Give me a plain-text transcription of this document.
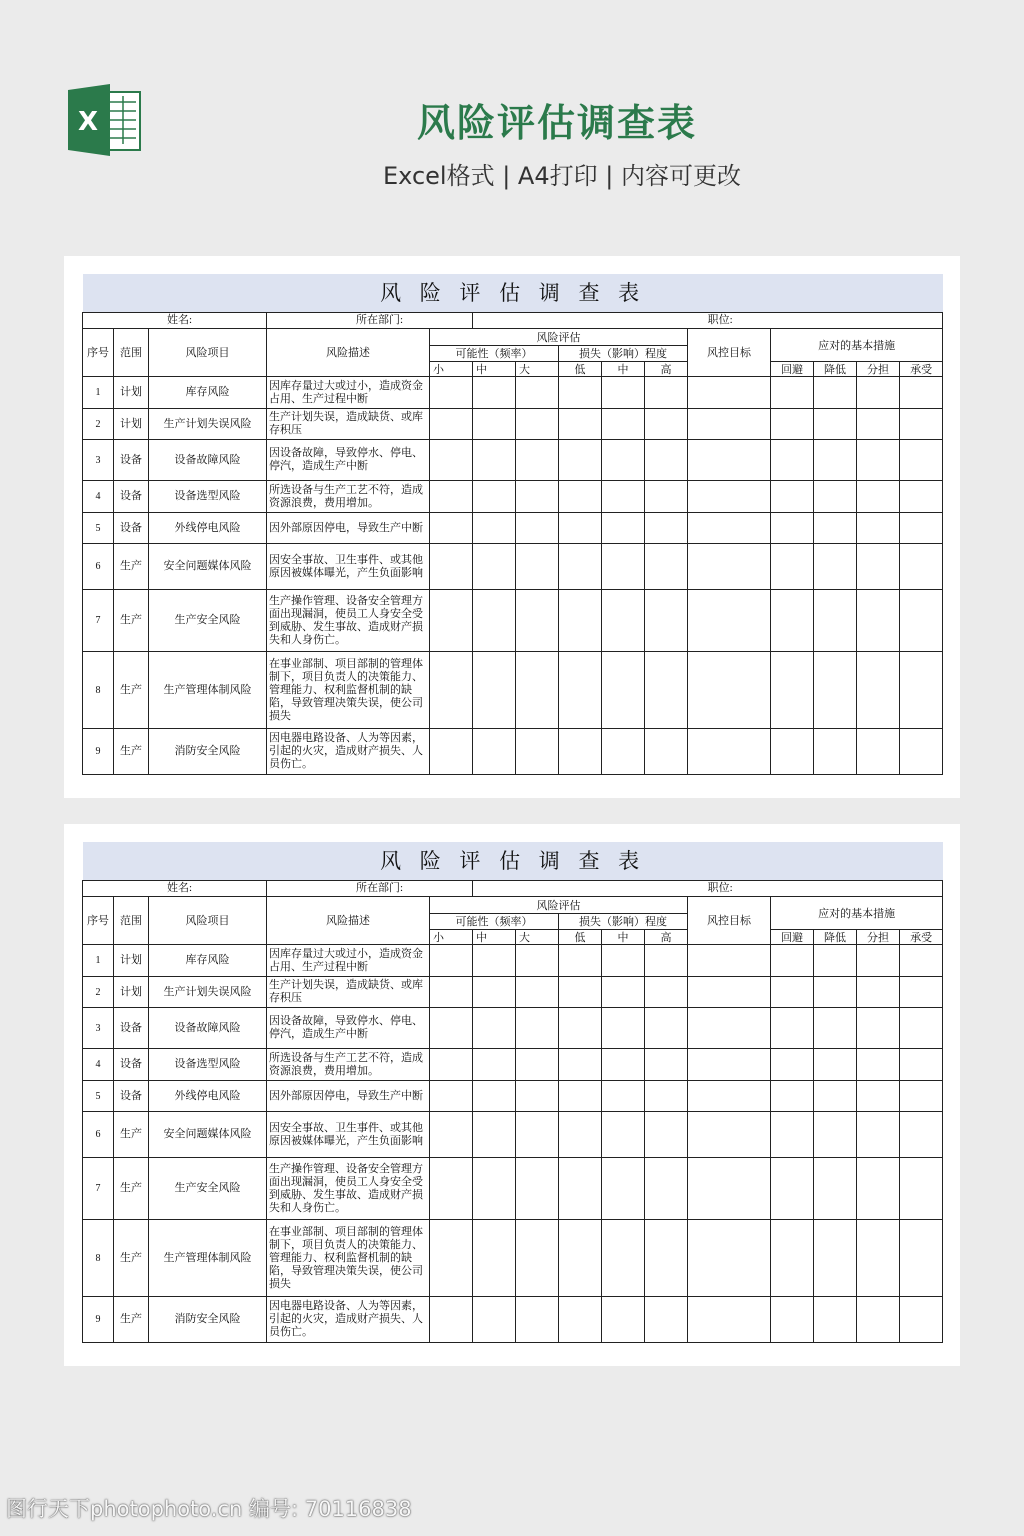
X	风险评估调查表
Excel格式 | A4打印 | 内容可更改
风 险 评 估 调 查 表														
姓名:			所在部门:		职位:									
序号	范围	风险项目	风险描述	风险评估						风控目标	应对的基本措施			
				可能性（频率）			损失（影响）程度							
				小	中	大	低	中	高		回避	降低	分担	承受
1	计划	库存风险	因库存量过大或过小，造成资金占用、生产过程中断											
2	计划	生产计划失误风险	生产计划失误，造成缺货、或库存积压											
3	设备	设备故障风险	因设备故障，导致停水、停电、停汽，造成生产中断											
4	设备	设备选型风险	所选设备与生产工艺不符，造成资源浪费，费用增加。											
5	设备	外线停电风险	因外部原因停电，导致生产中断											
6	生产	安全问题媒体风险	因安全事故、卫生事件、或其他原因被媒体曝光，产生负面影响											
7	生产	生产安全风险	生产操作管理、设备安全管理方面出现漏洞，使员工人身安全受到威胁、发生事故、造成财产损失和人身伤亡。											
8	生产	生产管理体制风险	在事业部制、项目部制的管理体制下，项目负责人的决策能力、管理能力、权利监督机制的缺陷，导致管理决策失误，使公司损失											
9	生产	消防安全风险	因电器电路设备、人为等因素，引起的火灾，造成财产损失、人员伤亡。											
风 险 评 估 调 查 表														
姓名:			所在部门:		职位:									
序号	范围	风险项目	风险描述	风险评估						风控目标	应对的基本措施			
				可能性（频率）			损失（影响）程度							
				小	中	大	低	中	高		回避	降低	分担	承受
1	计划	库存风险	因库存量过大或过小，造成资金占用、生产过程中断											
2	计划	生产计划失误风险	生产计划失误，造成缺货、或库存积压											
3	设备	设备故障风险	因设备故障，导致停水、停电、停汽，造成生产中断											
4	设备	设备选型风险	所选设备与生产工艺不符，造成资源浪费，费用增加。											
5	设备	外线停电风险	因外部原因停电，导致生产中断											
6	生产	安全问题媒体风险	因安全事故、卫生事件、或其他原因被媒体曝光，产生负面影响											
7	生产	生产安全风险	生产操作管理、设备安全管理方面出现漏洞，使员工人身安全受到威胁、发生事故、造成财产损失和人身伤亡。											
8	生产	生产管理体制风险	在事业部制、项目部制的管理体制下，项目负责人的决策能力、管理能力、权利监督机制的缺陷，导致管理决策失误，使公司损失											
9	生产	消防安全风险	因电器电路设备、人为等因素，引起的火灾，造成财产损失、人员伤亡。											
图行天下photophoto.cn 编号: 70116838
